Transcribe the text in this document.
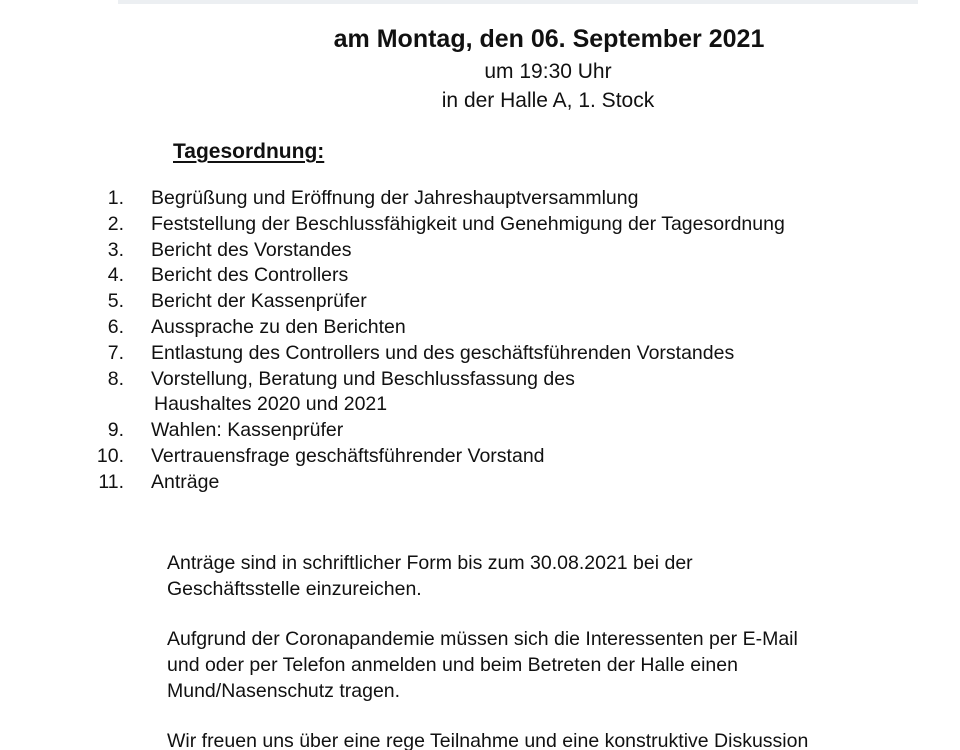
am Montag, den 06. September 2021
um 19:30 Uhr
in der Halle A, 1. Stock
Tagesordnung:
1. Begrüßung und Eröffnung der Jahreshauptversammlung
2. Feststellung der Beschlussfähigkeit und Genehmigung der Tagesordnung
3. Bericht des Vorstandes
4. Bericht des Controllers
5. Bericht der Kassenprüfer
6. Aussprache zu den Berichten
7. Entlastung des Controllers und des geschäftsführenden Vorstandes
8. Vorstellung, Beratung und Beschlussfassung des
Haushaltes 2020 und 2021
9. Wahlen: Kassenprüfer
10. Vertrauensfrage geschäftsführender Vorstand
11. Anträge
Anträge sind in schriftlicher Form bis zum 30.08.2021 bei der
Geschäftsstelle einzureichen.
Aufgrund der Coronapandemie müssen sich die Interessenten per E-Mail
und oder per Telefon anmelden und beim Betreten der Halle einen
Mund/Nasenschutz tragen.
Wir freuen uns über eine rege Teilnahme und eine konstruktive Diskussion
